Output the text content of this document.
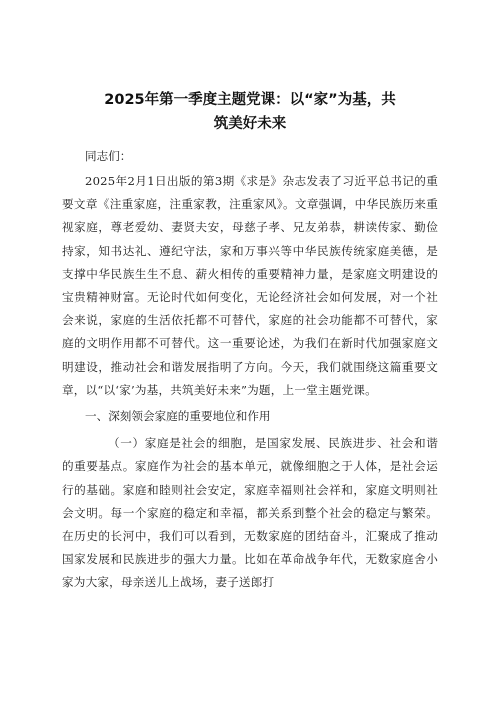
2025年第一季度主题党课：以“家”为基，共
筑美好未来

同志们：

2025年2月1日出版的第3期《求是》杂志发表了习近平总书记的重要文章《注重家庭，注重家教，注重家风》。文章强调，中华民族历来重视家庭，尊老爱幼、妻贤夫安，母慈子孝、兄友弟恭，耕读传家、勤俭持家，知书达礼、遵纪守法，家和万事兴等中华民族传统家庭美德，是支撑中华民族生生不息、薪火相传的重要精神力量，是家庭文明建设的宝贵精神财富。无论时代如何变化，无论经济社会如何发展，对一个社会来说，家庭的生活依托都不可替代，家庭的社会功能都不可替代，家庭的文明作用都不可替代。这一重要论述，为我们在新时代加强家庭文明建设，推动社会和谐发展指明了方向。今天，我们就围绕这篇重要文章，以“以‘家’为基，共筑美好未来”为题，上一堂主题党课。

一、深刻领会家庭的重要地位和作用

（一）家庭是社会的细胞，是国家发展、民族进步、社会和谐的重要基点。家庭作为社会的基本单元，就像细胞之于人体，是社会运行的基础。家庭和睦则社会安定，家庭幸福则社会祥和，家庭文明则社会文明。每一个家庭的稳定和幸福，都关系到整个社会的稳定与繁荣。在历史的长河中，我们可以看到，无数家庭的团结奋斗，汇聚成了推动国家发展和民族进步的强大力量。比如在革命战争年代，无数家庭舍小家为大家，母亲送儿上战场，妻子送郎打
